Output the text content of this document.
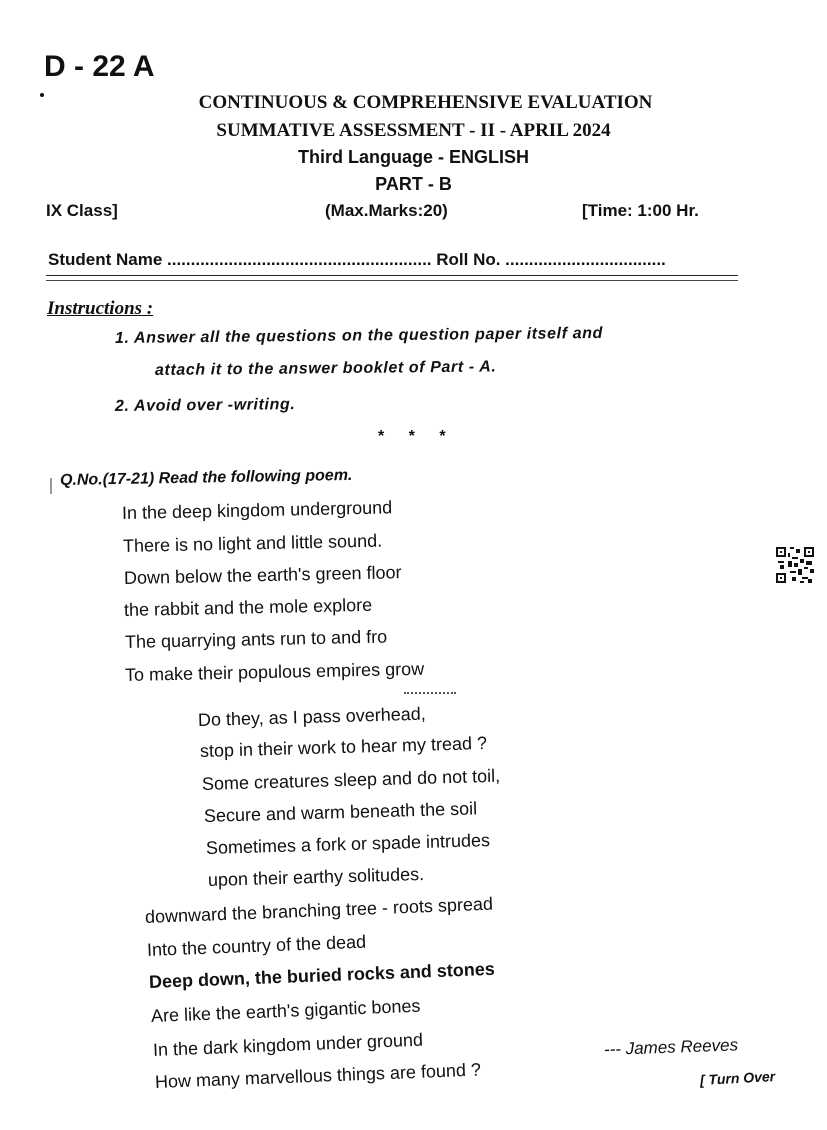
D - 22 A
CONTINUOUS & COMPREHENSIVE EVALUATION
SUMMATIVE ASSESSMENT - II - APRIL 2024
Third Language - ENGLISH
PART - B
IX Class]	(Max.Marks:20)	[Time: 1:00 Hr.
Student Name ........................................................ Roll No. ..................................
Instructions :
1. Answer all the questions on the question paper itself and
attach it to the answer booklet of Part - A.
2. Avoid over -writing.
* * *
Q.No.(17-21) Read the following poem.
In the deep kingdom underground
There is no light and little sound.
Down below the earth's green floor
the rabbit and the mole explore
The quarrying ants run to and fro
To make their populous empires grow
Do they, as I pass overhead,
stop in their work to hear my tread ?
Some creatures sleep and do not toil,
Secure and warm beneath the soil
Sometimes a fork or spade intrudes
upon their earthy solitudes.
downward the branching tree - roots spread
Into the country of the dead
Deep down, the buried rocks and stones
Are like the earth's gigantic bones
In the dark kingdom under ground
How many marvellous things are found ?
--- James Reeves
[ Turn Over
